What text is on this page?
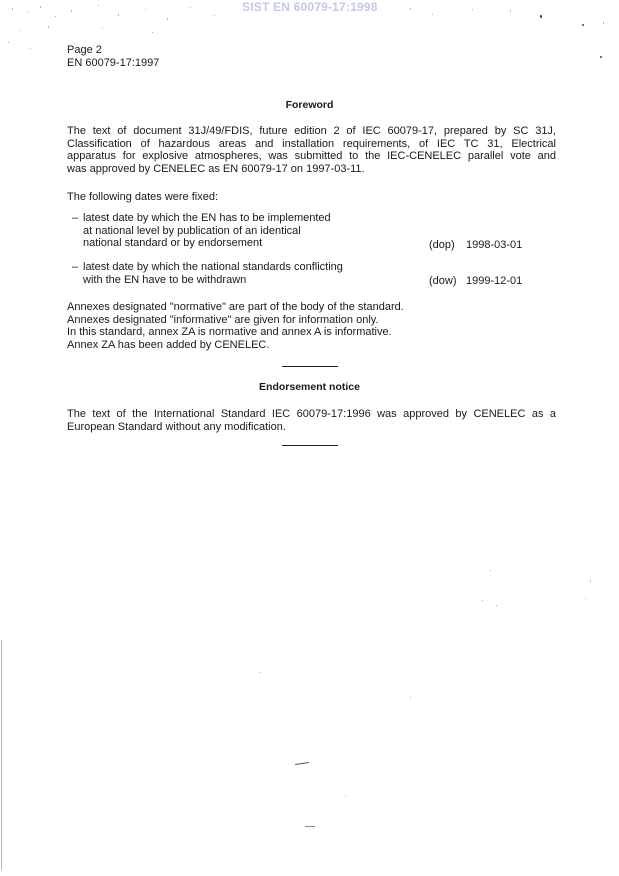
SIST EN 60079-17:1998
Page 2
EN 60079-17:1997
Foreword
The text of document 31J/49/FDIS, future edition 2 of IEC 60079-17, prepared by SC 31J,
Classification of hazardous areas and installation requirements, of IEC TC 31, Electrical
apparatus for explosive atmospheres, was submitted to the IEC-CENELEC parallel vote and
was approved by CENELEC as EN 60079-17 on 1997-03-11.
The following dates were fixed:
– latest date by which the EN has to be implemented
at national level by publication of an identical
national standard or by endorsement	(dop) 1998-03-01
– latest date by which the national standards conflicting
with the EN have to be withdrawn	(dow) 1999-12-01
Annexes designated "normative" are part of the body of the standard.
Annexes designated "informative" are given for information only.
In this standard, annex ZA is normative and annex A is informative.
Annex ZA has been added by CENELEC.
Endorsement notice
The text of the International Standard IEC 60079-17:1996 was approved by CENELEC as a
European Standard without any modification.
